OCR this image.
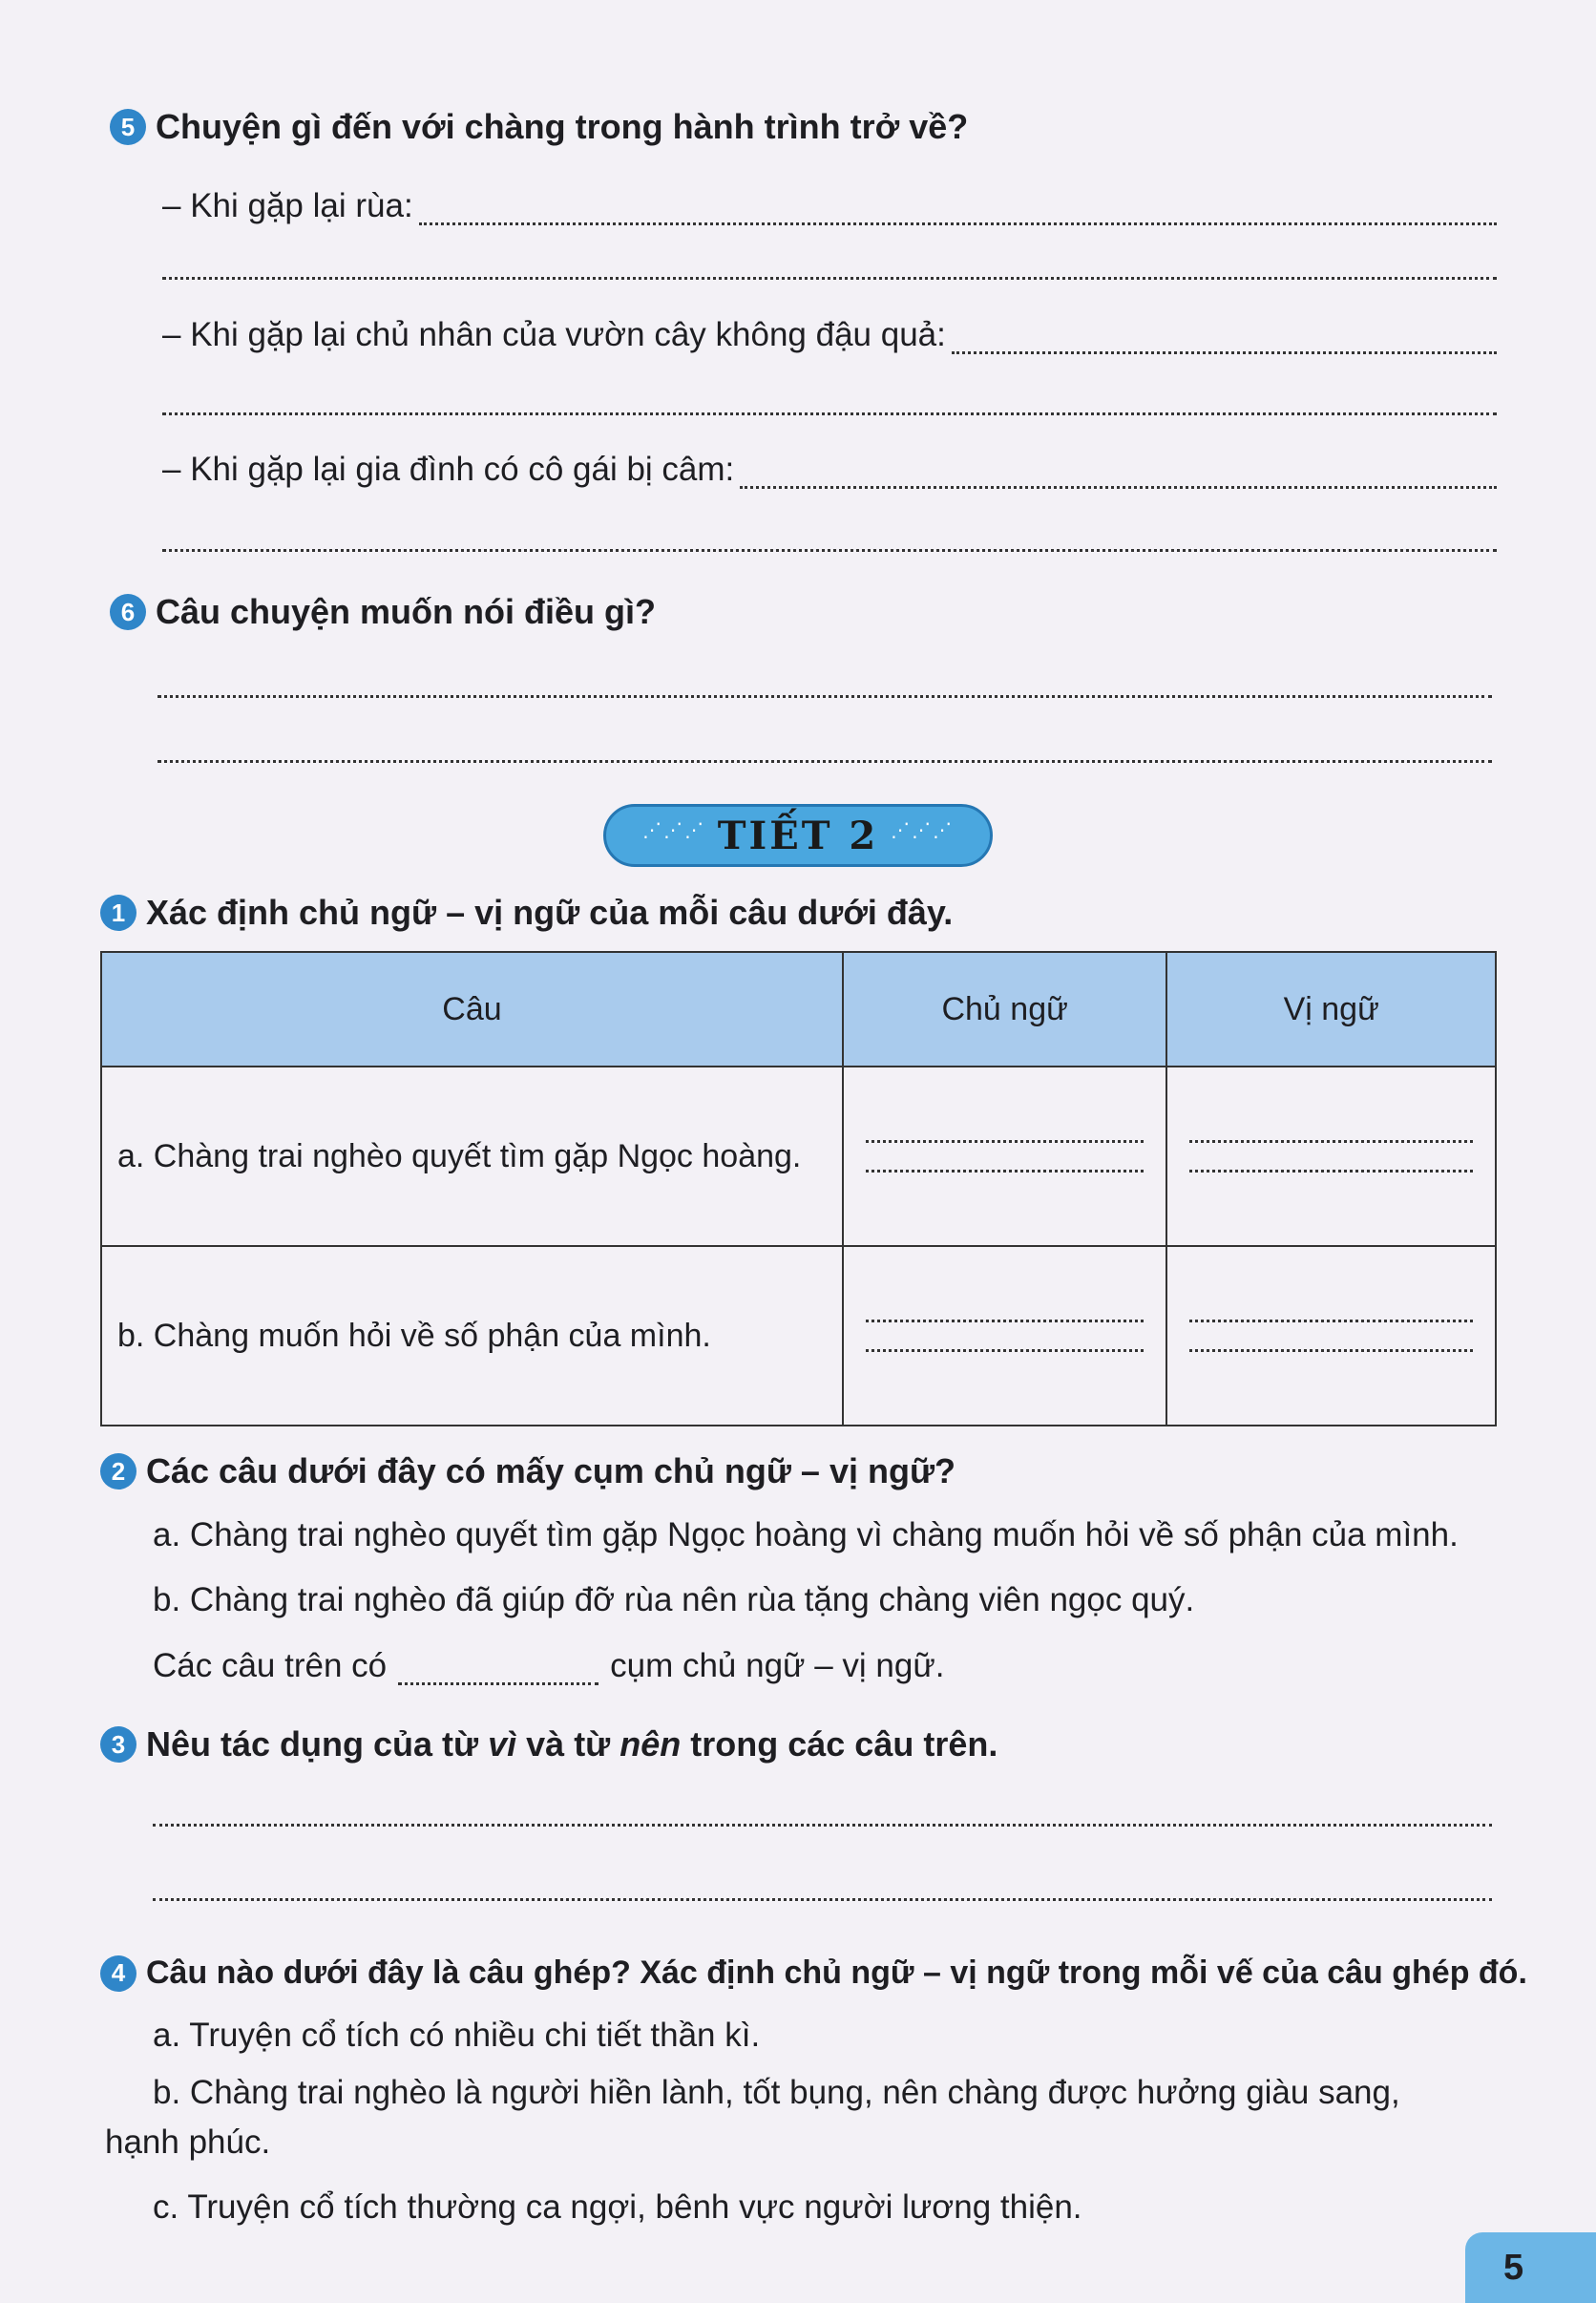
5 Chuyện gì đến với chàng trong hành trình trở về?
– Khi gặp lại rùa:
– Khi gặp lại chủ nhân của vườn cây không đậu quả:
– Khi gặp lại gia đình có cô gái bị câm:
6 Câu chuyện muốn nói điều gì?
⋰⋰⋰ TIẾT 2 ⋰⋰⋰
1 Xác định chủ ngữ – vị ngữ của mỗi câu dưới đây.
Câu	Chủ ngữ	Vị ngữ
a. Chàng trai nghèo quyết tìm gặp Ngọc hoàng.	

b. Chàng muốn hỏi về số phận của mình.	

2 Các câu dưới đây có mấy cụm chủ ngữ – vị ngữ?
a. Chàng trai nghèo quyết tìm gặp Ngọc hoàng vì chàng muốn hỏi về số phận của mình.
b. Chàng trai nghèo đã giúp đỡ rùa nên rùa tặng chàng viên ngọc quý.
Các câu trên có	cụm chủ ngữ – vị ngữ.
3 Nêu tác dụng của từ vì và từ nên trong các câu trên.
4 Câu nào dưới đây là câu ghép? Xác định chủ ngữ – vị ngữ trong mỗi vế của câu ghép đó.
a. Truyện cổ tích có nhiều chi tiết thần kì.
b. Chàng trai nghèo là người hiền lành, tốt bụng, nên chàng được hưởng giàu sang,
hạnh phúc.
c. Truyện cổ tích thường ca ngợi, bênh vực người lương thiện.
5
